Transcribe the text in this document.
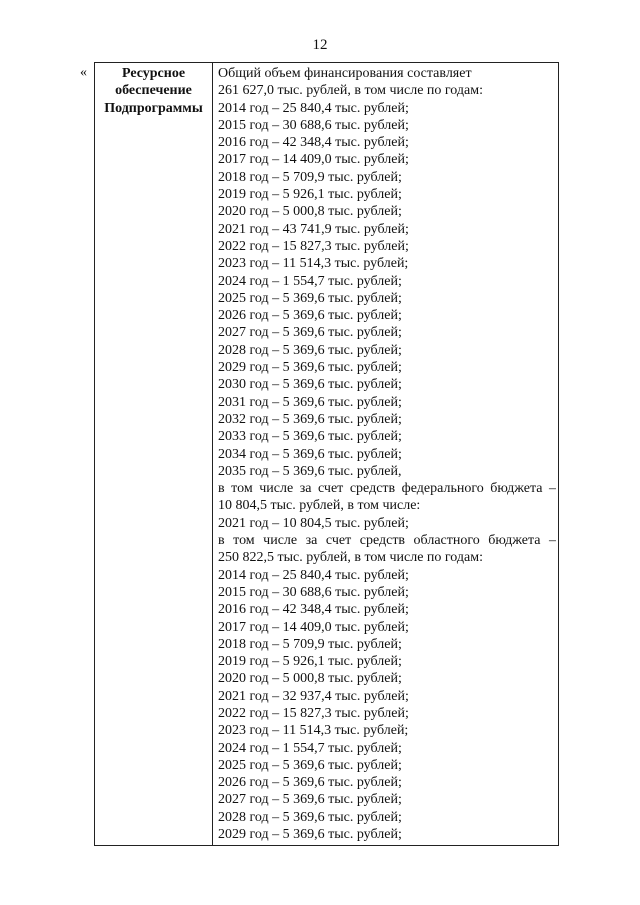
12
«	Ресурсное
обеспечение
Подпрограммы
Общий объем финансирования составляет
261 627,0 тыс. рублей, в том числе по годам:
2014 год – 25 840,4 тыс. рублей;
2015 год – 30 688,6 тыс. рублей;
2016 год – 42 348,4 тыс. рублей;
2017 год – 14 409,0 тыс. рублей;
2018 год – 5 709,9 тыс. рублей;
2019 год – 5 926,1 тыс. рублей;
2020 год – 5 000,8 тыс. рублей;
2021 год – 43 741,9 тыс. рублей;
2022 год – 15 827,3 тыс. рублей;
2023 год – 11 514,3 тыс. рублей;
2024 год – 1 554,7 тыс. рублей;
2025 год – 5 369,6 тыс. рублей;
2026 год – 5 369,6 тыс. рублей;
2027 год – 5 369,6 тыс. рублей;
2028 год – 5 369,6 тыс. рублей;
2029 год – 5 369,6 тыс. рублей;
2030 год – 5 369,6 тыс. рублей;
2031 год – 5 369,6 тыс. рублей;
2032 год – 5 369,6 тыс. рублей;
2033 год – 5 369,6 тыс. рублей;
2034 год – 5 369,6 тыс. рублей;
2035 год – 5 369,6 тыс. рублей,
в том числе за счет средств федерального бюджета –
10 804,5 тыс. рублей, в том числе:
2021 год – 10 804,5 тыс. рублей;
в том числе за счет средств областного бюджета –
250 822,5 тыс. рублей, в том числе по годам:
2014 год – 25 840,4 тыс. рублей;
2015 год – 30 688,6 тыс. рублей;
2016 год – 42 348,4 тыс. рублей;
2017 год – 14 409,0 тыс. рублей;
2018 год – 5 709,9 тыс. рублей;
2019 год – 5 926,1 тыс. рублей;
2020 год – 5 000,8 тыс. рублей;
2021 год – 32 937,4 тыс. рублей;
2022 год – 15 827,3 тыс. рублей;
2023 год – 11 514,3 тыс. рублей;
2024 год – 1 554,7 тыс. рублей;
2025 год – 5 369,6 тыс. рублей;
2026 год – 5 369,6 тыс. рублей;
2027 год – 5 369,6 тыс. рублей;
2028 год – 5 369,6 тыс. рублей;
2029 год – 5 369,6 тыс. рублей;
